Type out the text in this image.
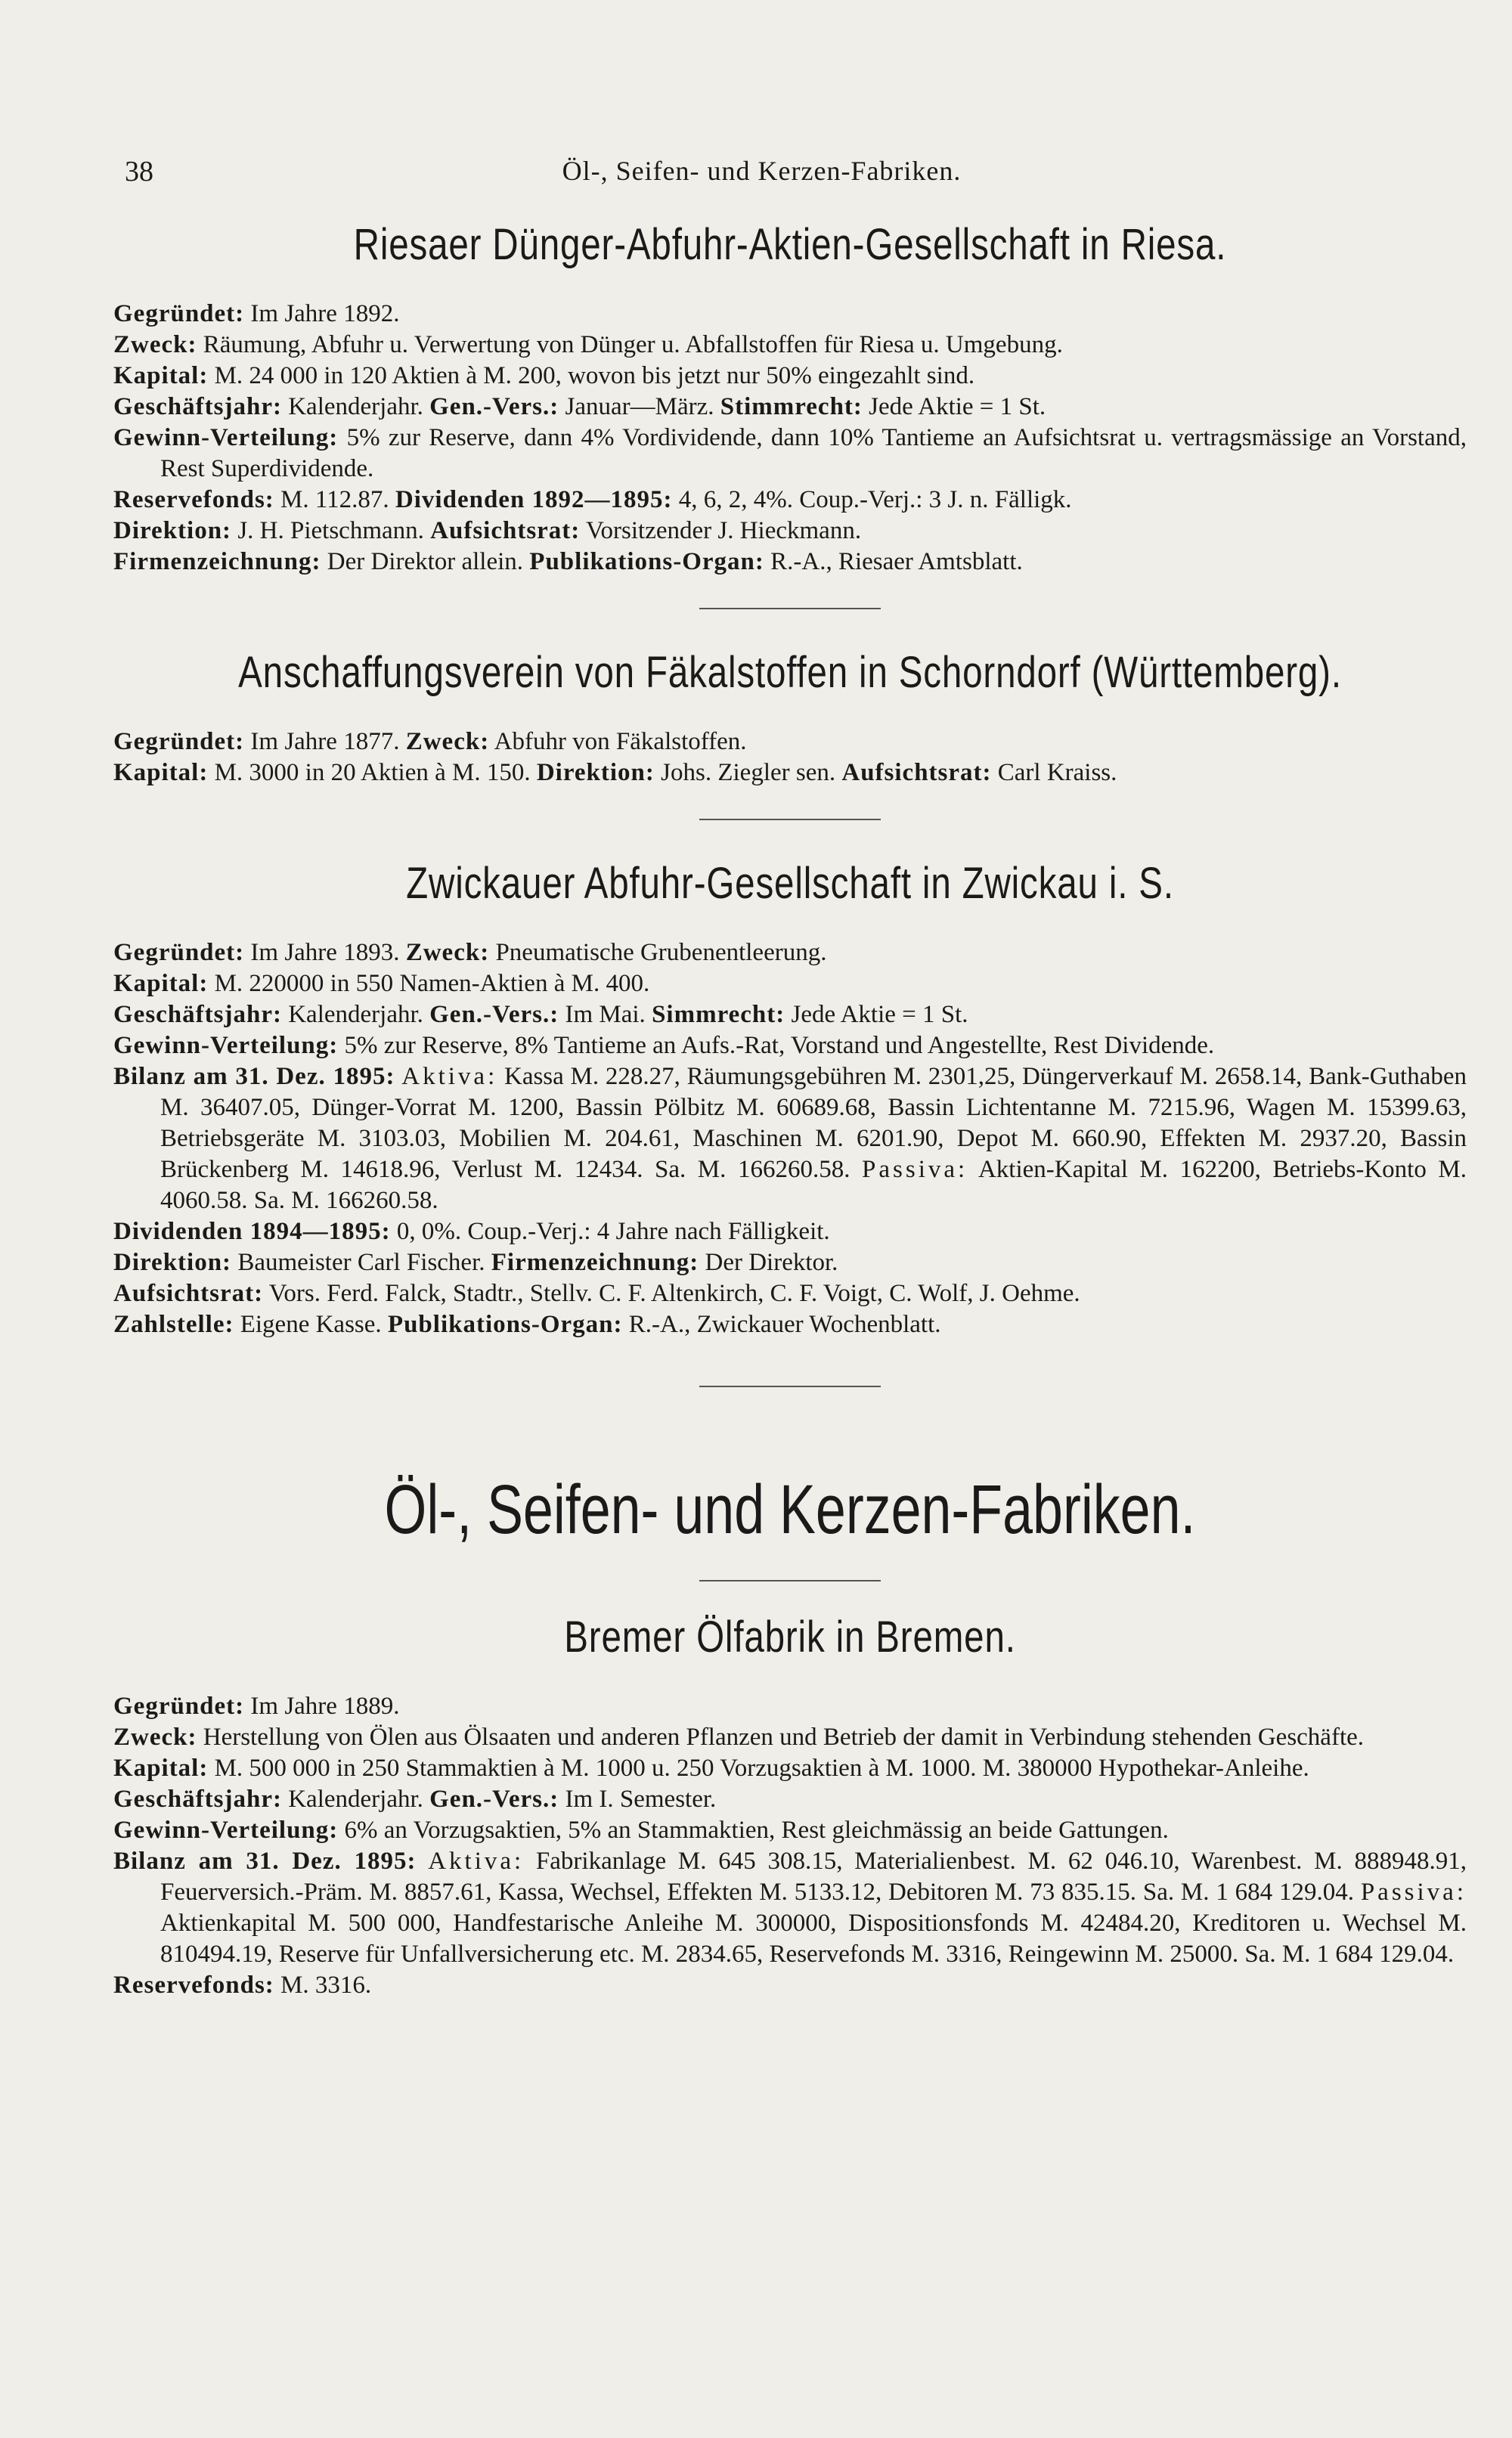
38	Öl-, Seifen- und Kerzen-Fabriken.
Riesaer Dünger-Abfuhr-Aktien-Gesellschaft in Riesa.

Gegründet: Im Jahre 1892.

Zweck: Räumung, Abfuhr u. Verwertung von Dünger u. Abfallstoffen für Riesa u. Umgebung.

Kapital: M. 24 000 in 120 Aktien à M. 200, wovon bis jetzt nur 50% eingezahlt sind.

Geschäftsjahr: Kalenderjahr. Gen.-Vers.: Januar—März. Stimmrecht: Jede Aktie = 1 St.

Gewinn-Verteilung: 5% zur Reserve, dann 4% Vordividende, dann 10% Tantieme an Aufsichtsrat u. vertragsmässige an Vorstand, Rest Superdividende.

Reservefonds: M. 112.87. Dividenden 1892—1895: 4, 6, 2, 4%. Coup.-Verj.: 3 J. n. Fälligk.

Direktion: J. H. Pietschmann. Aufsichtsrat: Vorsitzender J. Hieckmann.

Firmenzeichnung: Der Direktor allein. Publikations-Organ: R.-A., Riesaer Amtsblatt.

Anschaffungsverein von Fäkalstoffen in Schorndorf (Württemberg).

Gegründet: Im Jahre 1877. Zweck: Abfuhr von Fäkalstoffen.

Kapital: M. 3000 in 20 Aktien à M. 150. Direktion: Johs. Ziegler sen. Aufsichtsrat: Carl Kraiss.

Zwickauer Abfuhr-Gesellschaft in Zwickau i. S.

Gegründet: Im Jahre 1893. Zweck: Pneumatische Grubenentleerung.

Kapital: M. 220000 in 550 Namen-Aktien à M. 400.

Geschäftsjahr: Kalenderjahr. Gen.-Vers.: Im Mai. Simmrecht: Jede Aktie = 1 St.

Gewinn-Verteilung: 5% zur Reserve, 8% Tantieme an Aufs.-Rat, Vorstand und Angestellte, Rest Dividende.

Bilanz am 31. Dez. 1895: Aktiva: Kassa M. 228.27, Räumungsgebühren M. 2301,25, Düngerverkauf M. 2658.14, Bank-Guthaben M. 36407.05, Dünger-Vorrat M. 1200, Bassin Pölbitz M. 60689.68, Bassin Lichtentanne M. 7215.96, Wagen M. 15399.63, Betriebsgeräte M. 3103.03, Mobilien M. 204.61, Maschinen M. 6201.90, Depot M. 660.90, Effekten M. 2937.20, Bassin Brückenberg M. 14618.96, Verlust M. 12434. Sa. M. 166260.58. Passiva: Aktien-Kapital M. 162200, Betriebs-Konto M. 4060.58. Sa. M. 166260.58.

Dividenden 1894—1895: 0, 0%. Coup.-Verj.: 4 Jahre nach Fälligkeit.

Direktion: Baumeister Carl Fischer. Firmenzeichnung: Der Direktor.

Aufsichtsrat: Vors. Ferd. Falck, Stadtr., Stellv. C. F. Altenkirch, C. F. Voigt, C. Wolf, J. Oehme.

Zahlstelle: Eigene Kasse. Publikations-Organ: R.-A., Zwickauer Wochenblatt.

Öl-, Seifen- und Kerzen-Fabriken.
Bremer Ölfabrik in Bremen.

Gegründet: Im Jahre 1889.

Zweck: Herstellung von Ölen aus Ölsaaten und anderen Pflanzen und Betrieb der damit in Verbindung stehenden Geschäfte.

Kapital: M. 500 000 in 250 Stammaktien à M. 1000 u. 250 Vorzugsaktien à M. 1000. M. 380000 Hypothekar-Anleihe.

Geschäftsjahr: Kalenderjahr. Gen.-Vers.: Im I. Semester.

Gewinn-Verteilung: 6% an Vorzugsaktien, 5% an Stammaktien, Rest gleichmässig an beide Gattungen.

Bilanz am 31. Dez. 1895: Aktiva: Fabrikanlage M. 645 308.15, Materialienbest. M. 62 046.10, Warenbest. M. 888948.91, Feuerversich.-Präm. M. 8857.61, Kassa, Wechsel, Effekten M. 5133.12, Debitoren M. 73 835.15. Sa. M. 1 684 129.04. Passiva: Aktienkapital M. 500 000, Handfestarische Anleihe M. 300000, Dispositionsfonds M. 42484.20, Kreditoren u. Wechsel M. 810494.19, Reserve für Unfallversicherung etc. M. 2834.65, Reservefonds M. 3316, Reingewinn M. 25000. Sa. M. 1 684 129.04.

Reservefonds: M. 3316.
